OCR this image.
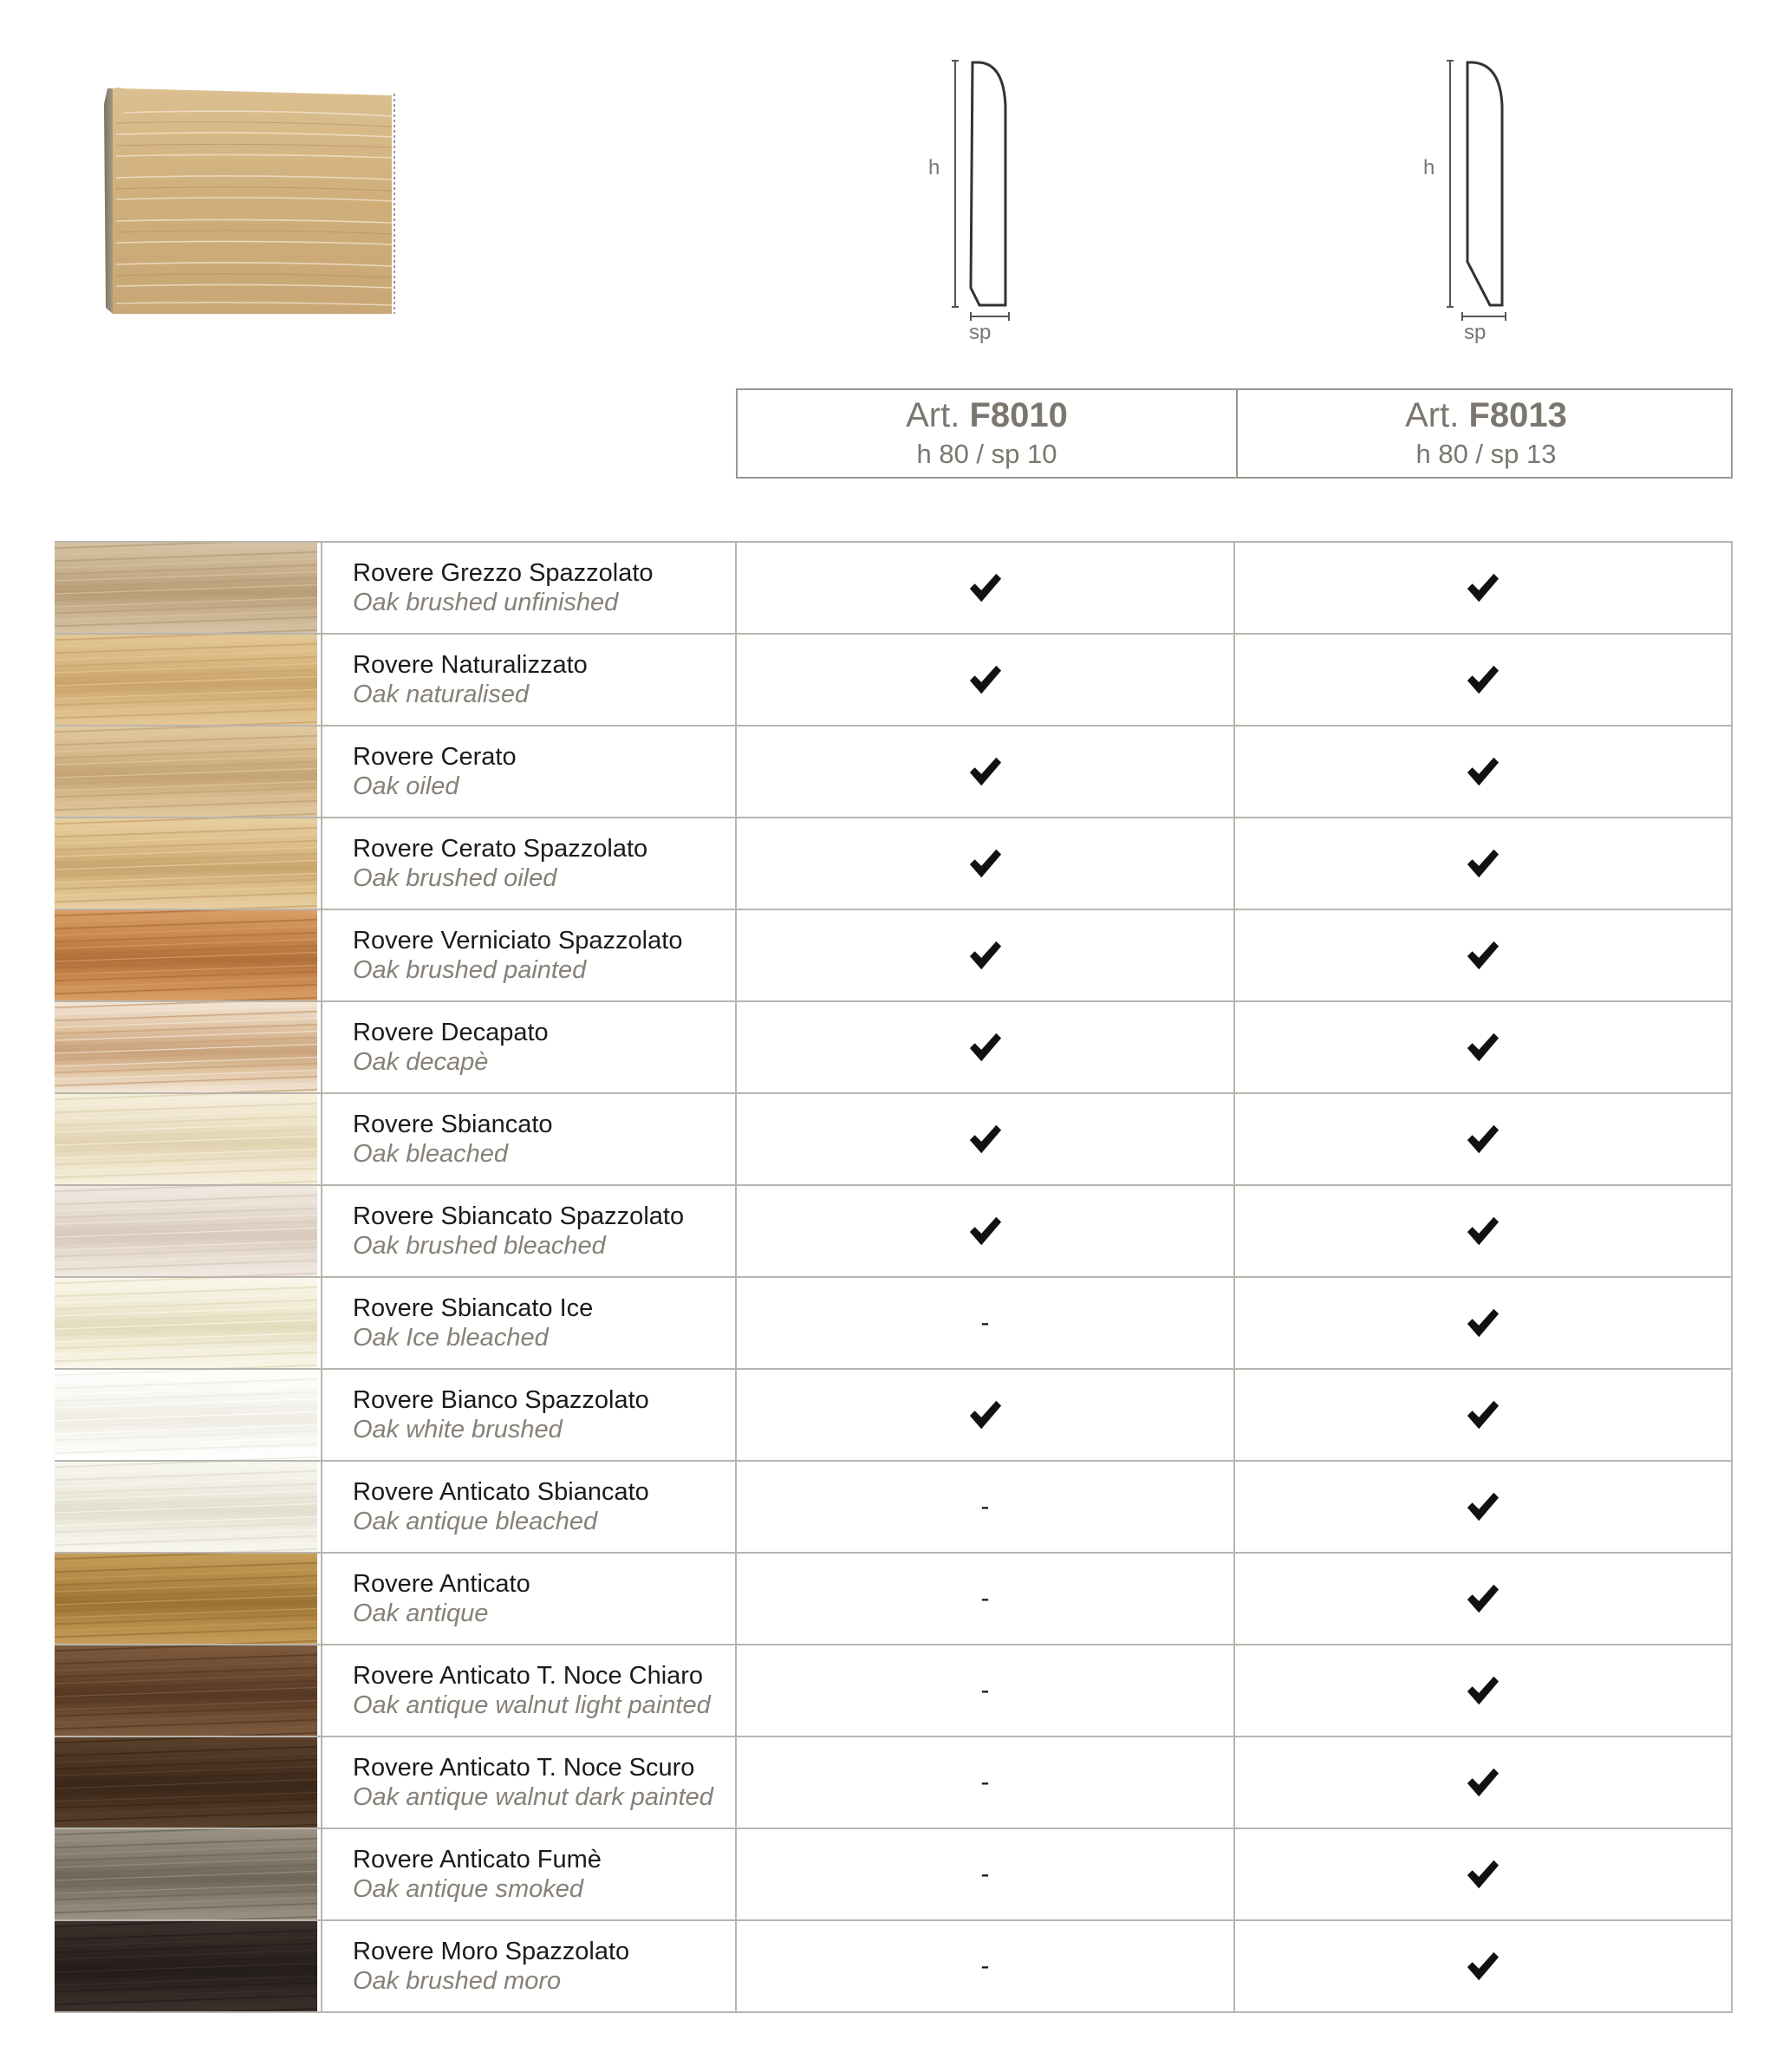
h
sp
h
sp
Art. F8010
h 80 / sp 10
Art. F8013
h 80 / sp 13
Rovere Grezzo Spazzolato
Oak brushed unfinished
Rovere Naturalizzato
Oak naturalised
Rovere Cerato
Oak oiled
Rovere Cerato Spazzolato
Oak brushed oiled
Rovere Verniciato Spazzolato
Oak brushed painted
Rovere Decapato
Oak decapè
Rovere Sbiancato
Oak bleached
Rovere Sbiancato Spazzolato
Oak brushed bleached
Rovere Sbiancato Ice
Oak Ice bleached
-
Rovere Bianco Spazzolato
Oak white brushed
Rovere Anticato Sbiancato
Oak antique bleached
-
Rovere Anticato
Oak antique
-
Rovere Anticato T. Noce Chiaro
Oak antique walnut light painted
-
Rovere Anticato T. Noce Scuro
Oak antique walnut dark painted
-
Rovere Anticato Fumè
Oak antique smoked
-
Rovere Moro Spazzolato
Oak brushed moro
-
